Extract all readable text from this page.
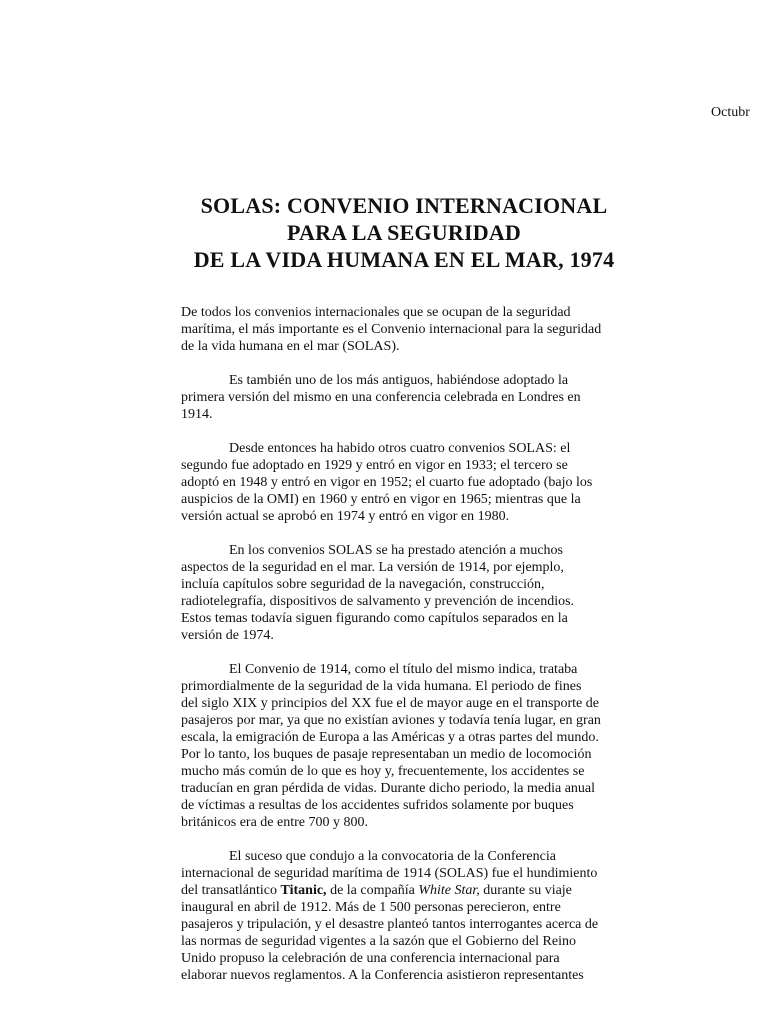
Octubr
SOLAS: CONVENIO INTERNACIONAL
PARA LA SEGURIDAD
DE LA VIDA HUMANA EN EL MAR, 1974

De todos los convenios internacionales que se ocupan de la seguridad
marítima, el más importante es el Convenio internacional para la seguridad
de la vida humana en el mar (SOLAS).

Es también uno de los más antiguos, habiéndose adoptado la
primera versión del mismo en una conferencia celebrada en Londres en
1914.

Desde entonces ha habido otros cuatro convenios SOLAS: el
segundo fue adoptado en 1929 y entró en vigor en 1933; el tercero se
adoptó en 1948 y entró en vigor en 1952; el cuarto fue adoptado (bajo los
auspicios de la OMI) en 1960 y entró en vigor en 1965; mientras que la
versión actual se aprobó en 1974 y entró en vigor en 1980.

En los convenios SOLAS se ha prestado atención a muchos
aspectos de la seguridad en el mar. La versión de 1914, por ejemplo,
incluía capítulos sobre seguridad de la navegación, construcción,
radiotelegrafía, dispositivos de salvamento y prevención de incendios.
Estos temas todavía siguen figurando como capítulos separados en la
versión de 1974.

El Convenio de 1914, como el título del mismo indica, trataba
primordialmente de la seguridad de la vida humana. El periodo de fines
del siglo XIX y principios del XX fue el de mayor auge en el transporte de
pasajeros por mar, ya que no existían aviones y todavía tenía lugar, en gran
escala, la emigración de Europa a las Américas y a otras partes del mundo.
Por lo tanto, los buques de pasaje representaban un medio de locomoción
mucho más común de lo que es hoy y, frecuentemente, los accidentes se
traducían en gran pérdida de vidas. Durante dicho periodo, la media anual
de víctimas a resultas de los accidentes sufridos solamente por buques
británicos era de entre 700 y 800.

El suceso que condujo a la convocatoria de la Conferencia
internacional de seguridad marítima de 1914 (SOLAS) fue el hundimiento
del transatlántico Titanic, de la compañía White Star, durante su viaje
inaugural en abril de 1912. Más de 1 500 personas perecieron, entre
pasajeros y tripulación, y el desastre planteó tantos interrogantes acerca de
las normas de seguridad vigentes a la sazón que el Gobierno del Reino
Unido propuso la celebración de una conferencia internacional para
elaborar nuevos reglamentos. A la Conferencia asistieron representantes
